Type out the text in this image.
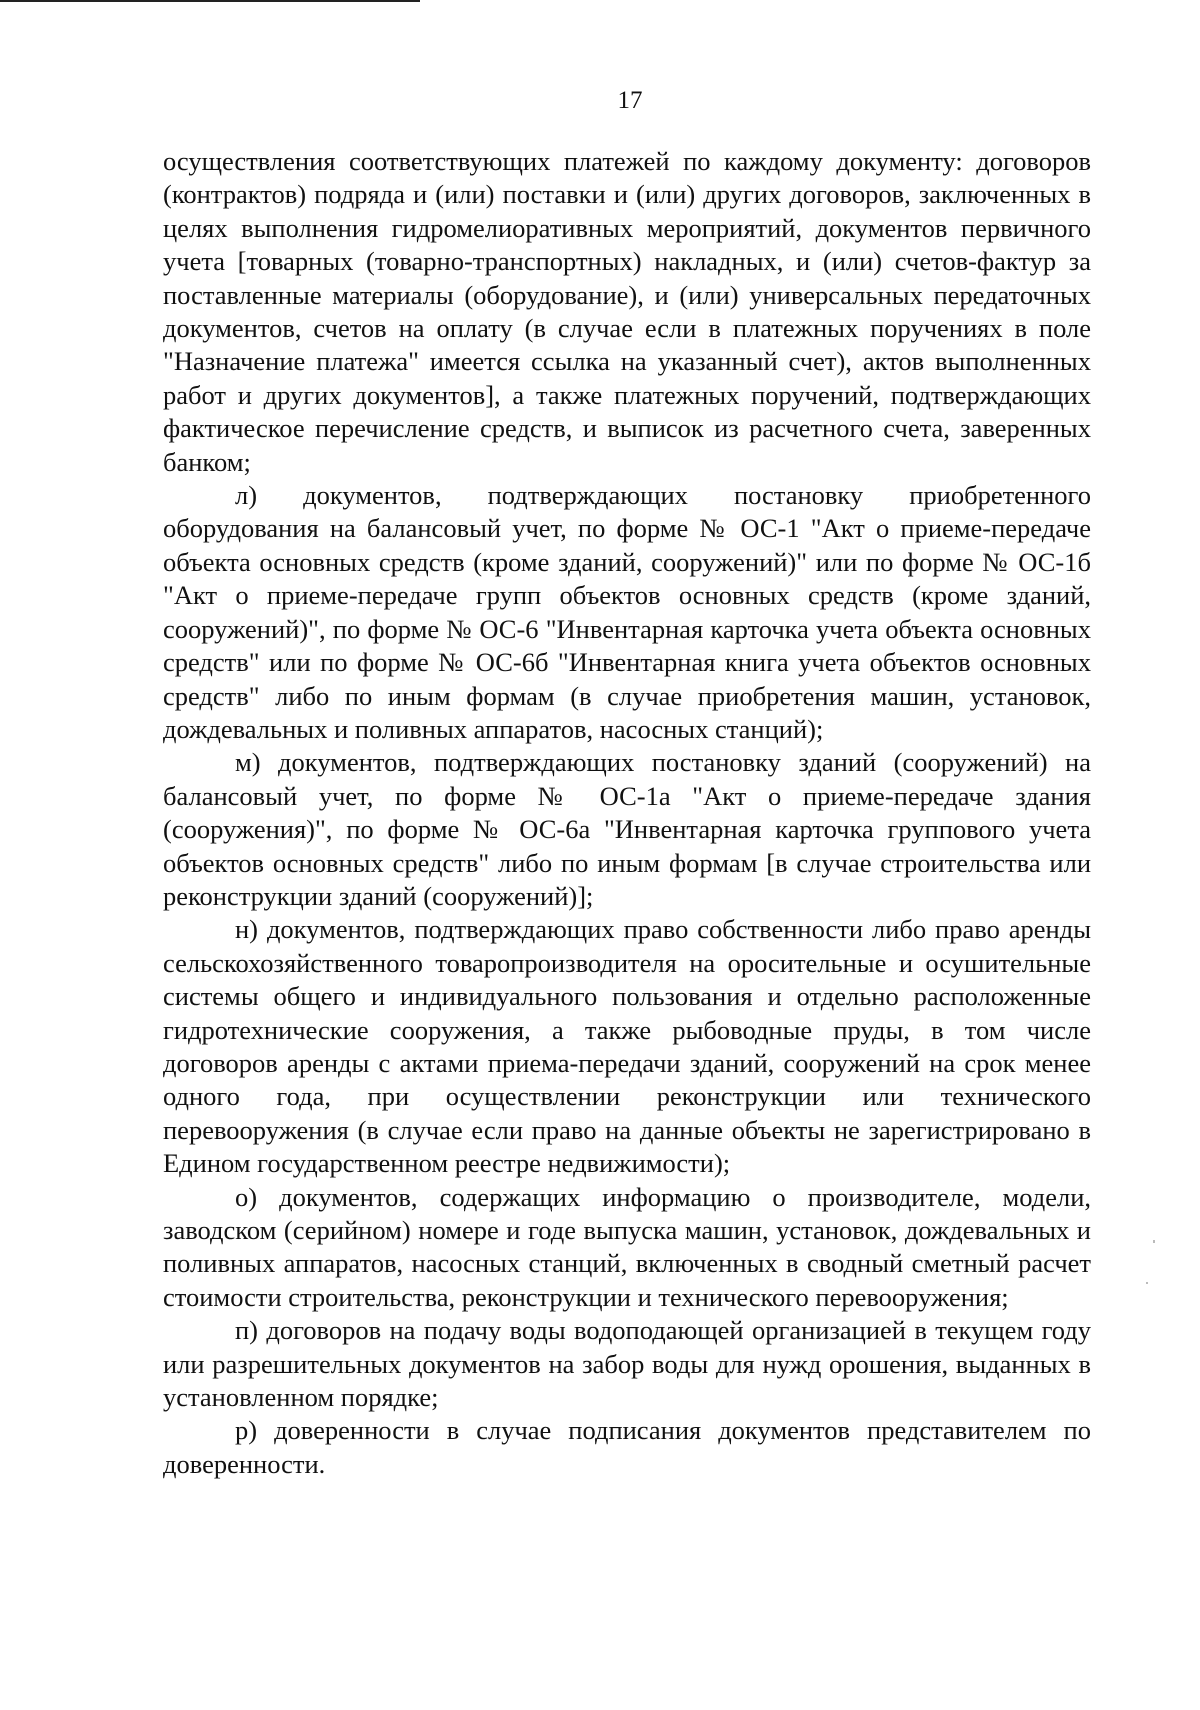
17

осуществления соответствующих платежей по каждому документу: договоров (контрактов) подряда и (или) поставки и (или) других договоров, заключенных в целях выполнения гидромелиоративных мероприятий, документов первичного учета [товарных (товарно-транспортных) накладных, и (или) счетов-фактур за поставленные материалы (оборудование), и (или) универсальных передаточных документов, счетов на оплату (в случае если в платежных поручениях в поле "Назначение платежа" имеется ссылка на указанный счет), актов выполненных работ и других документов], а также платежных поручений, подтверждающих фактическое перечисление средств, и выписок из расчетного счета, заверенных банком;

л) документов, подтверждающих постановку приобретенного оборудования на балансовый учет, по форме № ОС-1 "Акт о приеме-передаче объекта основных средств (кроме зданий, сооружений)" или по форме № ОС-1б "Акт о приеме-передаче групп объектов основных средств (кроме зданий, сооружений)", по форме № ОС-6 "Инвентарная карточка учета объекта основных средств" или по форме № ОС-6б "Инвентарная книга учета объектов основных средств" либо по иным формам (в случае приобретения машин, установок, дождевальных и поливных аппаратов, насосных станций);

м) документов, подтверждающих постановку зданий (сооружений) на балансовый учет, по форме № ОС-1а "Акт о приеме-передаче здания (сооружения)", по форме № ОС-6а "Инвентарная карточка группового учета объектов основных средств" либо по иным формам [в случае строительства или реконструкции зданий (сооружений)];

н) документов, подтверждающих право собственности либо право аренды сельскохозяйственного товаропроизводителя на оросительные и осушительные системы общего и индивидуального пользования и отдельно расположенные гидротехнические сооружения, а также рыбоводные пруды, в том числе договоров аренды с актами приема-передачи зданий, сооружений на срок менее одного года, при осуществлении реконструкции или технического перевооружения (в случае если право на данные объекты не зарегистрировано в Едином государственном реестре недвижимости);

о) документов, содержащих информацию о производителе, модели, заводском (серийном) номере и годе выпуска машин, установок, дождевальных и поливных аппаратов, насосных станций, включенных в сводный сметный расчет стоимости строительства, реконструкции и технического перевооружения;

п) договоров на подачу воды водоподающей организацией в текущем году или разрешительных документов на забор воды для нужд орошения, выданных в установленном порядке;

р) доверенности в случае подписания документов представителем по доверенности.
